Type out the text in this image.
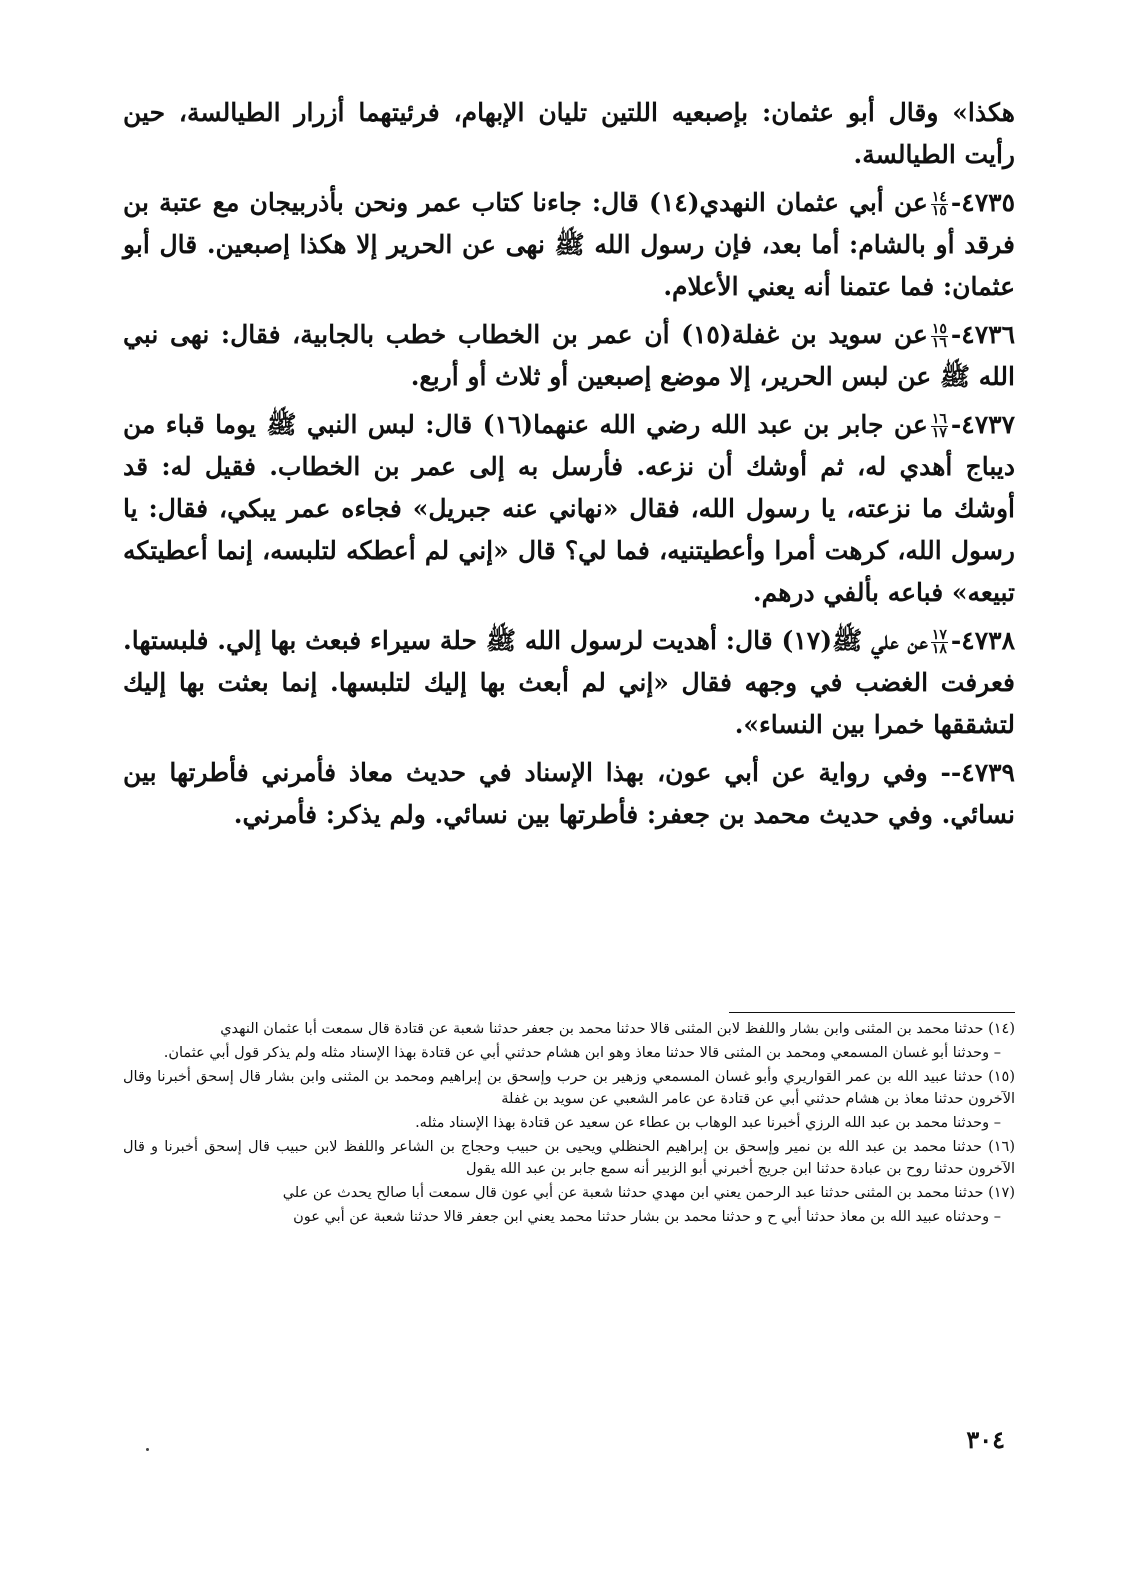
هكذا» وقال أبو عثمان: بإصبعيه اللتين تليان الإبهام، فرئيتهما أزرار الطيالسة، حين رأيت الطيالسة.

٤٧٣٥-
$\frac{١٤}{١٥}$
عن أبي عثمان النهدي(١٤) قال: جاءنا كتاب عمر ونحن بأذربيجان مع عتبة بن فرقد أو بالشام: أما بعد، فإن رسول الله ﷺ نهى عن الحرير إلا هكذا إصبعين. قال أبو عثمان: فما عتمنا أنه يعني الأعلام.

٤٧٣٦-
$\frac{١٥}{١٦}$
عن سويد بن غفلة(١٥) أن عمر بن الخطاب خطب بالجابية، فقال: نهى نبي الله ﷺ عن لبس الحرير، إلا موضع إصبعين أو ثلاث أو أربع.

٤٧٣٧-
$\frac{١٦}{١٧}$
عن جابر بن عبد الله رضي الله عنهما(١٦) قال: لبس النبي ﷺ يوما قباء من ديباج أهدي له، ثم أوشك أن نزعه. فأرسل به إلى عمر بن الخطاب. فقيل له: قد أوشك ما نزعته، يا رسول الله، فقال «نهاني عنه جبريل» فجاءه عمر يبكي، فقال: يا رسول الله، كرهت أمرا وأعطيتنيه، فما لي؟ قال «إني لم أعطكه لتلبسه، إنما أعطيتكه تبيعه» فباعه بألفي درهم.

٤٧٣٨-
$\frac{١٧}{١٨}$
عن علي ﷺ(١٧) قال: أهديت لرسول الله ﷺ حلة سيراء فبعث بها إلي. فلبستها. فعرفت الغضب في وجهه فقال «إني لم أبعث بها إليك لتلبسها. إنما بعثت بها إليك لتشققها خمرا بين النساء».

٤٧٣٩-- وفي رواية عن أبي عون، بهذا الإسناد في حديث معاذ فأمرني فأطرتها بين نسائي. وفي حديث محمد بن جعفر: فأطرتها بين نسائي. ولم يذكر: فأمرني.

(١٤) حدثنا محمد بن المثنى وابن بشار واللفظ لابن المثنى قالا حدثنا محمد بن جعفر حدثنا شعبة عن قتادة قال سمعت أبا عثمان النهدي

– وحدثنا أبو غسان المسمعي ومحمد بن المثنى قالا حدثنا معاذ وهو ابن هشام حدثني أبي عن قتادة بهذا الإسناد مثله ولم يذكر قول أبي عثمان.

(١٥) حدثنا عبيد الله بن عمر القواريري وأبو غسان المسمعي وزهير بن حرب وإسحق بن إبراهيم ومحمد بن المثنى وابن بشار قال إسحق أخبرنا وقال الآخرون حدثنا معاذ بن هشام حدثني أبي عن قتادة عن عامر الشعبي عن سويد بن غفلة

– وحدثنا محمد بن عبد الله الرزي أخبرنا عبد الوهاب بن عطاء عن سعيد عن قتادة بهذا الإسناد مثله.

(١٦) حدثنا محمد بن عبد الله بن نمير وإسحق بن إبراهيم الحنظلي ويحيى بن حبيب وحجاج بن الشاعر واللفظ لابن حبيب قال إسحق أخبرنا و قال الآخرون حدثنا روح بن عبادة حدثنا ابن جريج أخبرني أبو الزبير أنه سمع جابر بن عبد الله يقول

(١٧) حدثنا محمد بن المثنى حدثنا عبد الرحمن يعني ابن مهدي حدثنا شعبة عن أبي عون قال سمعت أبا صالح يحدث عن علي

– وحدثناه عبيد الله بن معاذ حدثنا أبي ح و حدثنا محمد بن بشار حدثنا محمد يعني ابن جعفر قالا حدثنا شعبة عن أبي عون

٣٠٤
